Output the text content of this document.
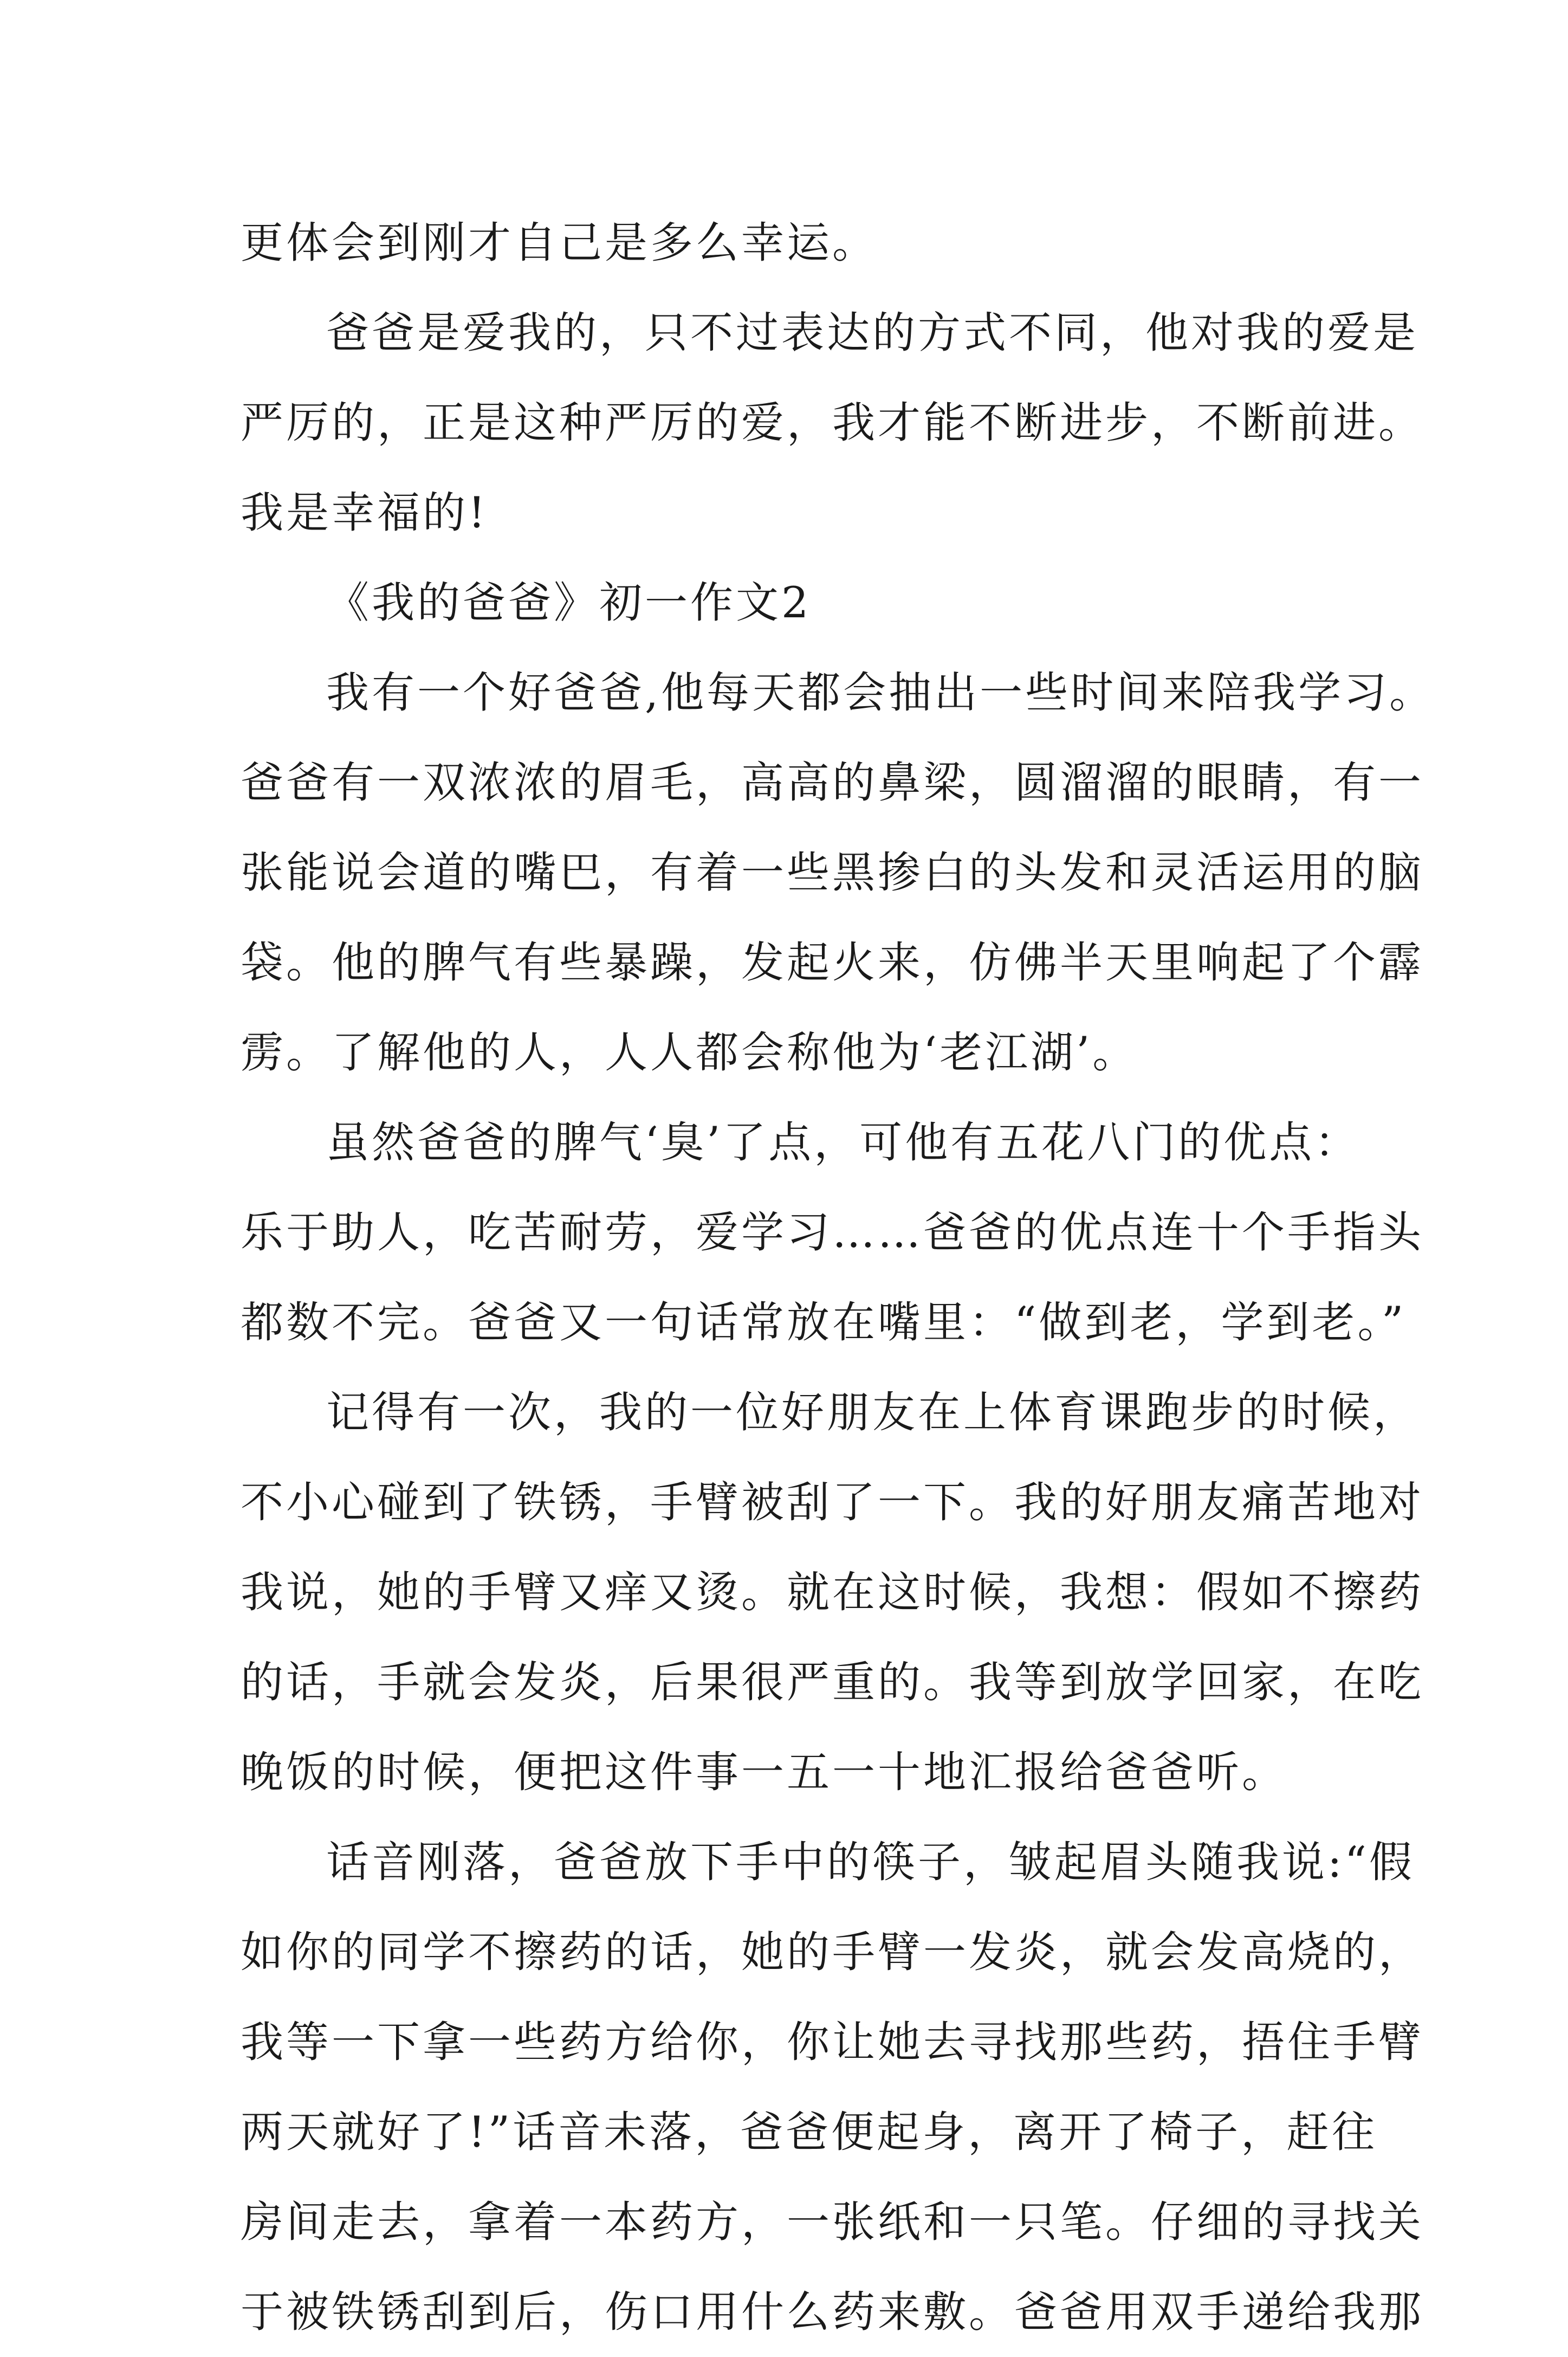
更体会到刚才自己是多么幸运。
爸爸是爱我的，只不过表达的方式不同，他对我的爱是
严厉的，正是这种严厉的爱，我才能不断进步，不断前进。
我是幸福的!
《我的爸爸》初一作文2
我有一个好爸爸,他每天都会抽出一些时间来陪我学习。
爸爸有一双浓浓的眉毛，高高的鼻梁，圆溜溜的眼睛，有一
张能说会道的嘴巴，有着一些黑掺白的头发和灵活运用的脑
袋。他的脾气有些暴躁，发起火来，仿佛半天里响起了个霹
雳。了解他的人，人人都会称他为‘老江湖’。
虽然爸爸的脾气‘臭’了点，可他有五花八门的优点：
乐于助人，吃苦耐劳，爱学习……爸爸的优点连十个手指头
都数不完。爸爸又一句话常放在嘴里：“做到老，学到老。”
记得有一次，我的一位好朋友在上体育课跑步的时候，
不小心碰到了铁锈，手臂被刮了一下。我的好朋友痛苦地对
我说，她的手臂又痒又烫。就在这时候，我想：假如不擦药
的话，手就会发炎，后果很严重的。我等到放学回家，在吃
晚饭的时候，便把这件事一五一十地汇报给爸爸听。
话音刚落，爸爸放下手中的筷子，皱起眉头随我说:“假
如你的同学不擦药的话，她的手臂一发炎，就会发高烧的，
我等一下拿一些药方给你，你让她去寻找那些药，捂住手臂
两天就好了!”话音未落，爸爸便起身，离开了椅子，赶往
房间走去，拿着一本药方，一张纸和一只笔。仔细的寻找关
于被铁锈刮到后，伤口用什么药来敷。爸爸用双手递给我那
